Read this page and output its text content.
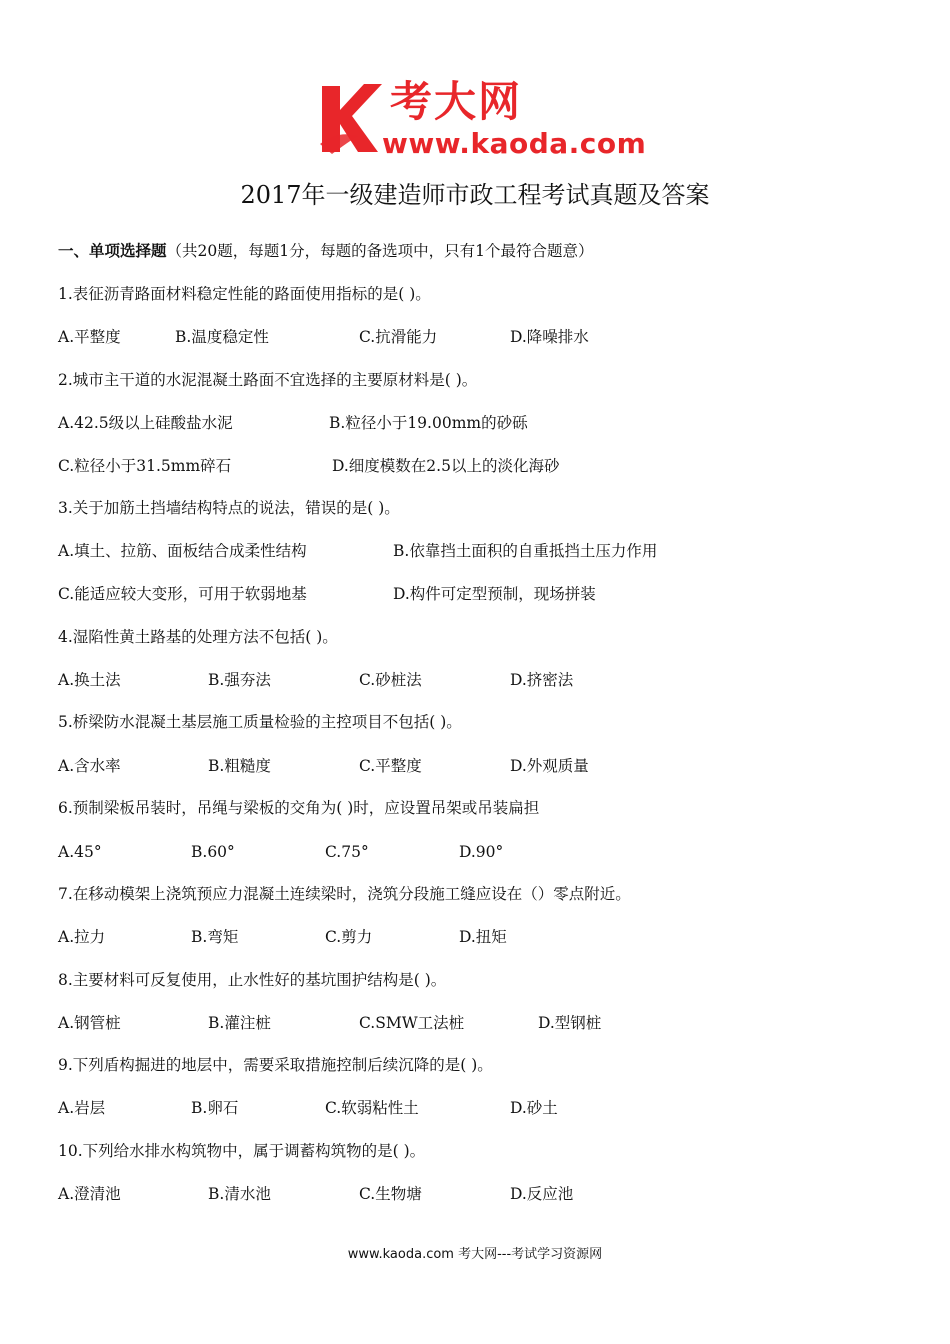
考大网
www.kaoda.com
2017年一级建造师市政工程考试真题及答案
一、单项选择题（共20题，每题1分，每题的备选项中，只有1个最符合题意）
1.表征沥青路面材料稳定性能的路面使用指标的是( )。
A.平整度	B.温度稳定性	C.抗滑能力	D.降噪排水
2.城市主干道的水泥混凝土路面不宜选择的主要原材料是( )。
A.42.5级以上硅酸盐水泥	B.粒径小于19.00mm的砂砾
C.粒径小于31.5mm碎石	D.细度模数在2.5以上的淡化海砂
3.关于加筋土挡墙结构特点的说法，错误的是( )。
A.填土、拉筋、面板结合成柔性结构	B.依靠挡土面积的自重抵挡土压力作用
C.能适应较大变形，可用于软弱地基	D.构件可定型预制，现场拼装
4.湿陷性黄土路基的处理方法不包括( )。
A.换土法	B.强夯法	C.砂桩法	D.挤密法
5.桥梁防水混凝土基层施工质量检验的主控项目不包括( )。
A.含水率	B.粗糙度	C.平整度	D.外观质量
6.预制梁板吊装时，吊绳与梁板的交角为( )时，应设置吊架或吊装扁担
A.45°	B.60°	C.75°	D.90°
7.在移动模架上浇筑预应力混凝土连续梁时，浇筑分段施工缝应设在（）零点附近。
A.拉力	B.弯矩	C.剪力	D.扭矩
8.主要材料可反复使用，止水性好的基坑围护结构是( )。
A.钢管桩	B.灌注桩	C.SMW工法桩	D.型钢桩
9.下列盾构掘进的地层中，需要采取措施控制后续沉降的是( )。
A.岩层	B.卵石	C.软弱粘性土	D.砂土
10.下列给水排水构筑物中，属于调蓄构筑物的是( )。
A.澄清池	B.清水池	C.生物塘	D.反应池
www.kaoda.com 考大网---考试学习资源网
